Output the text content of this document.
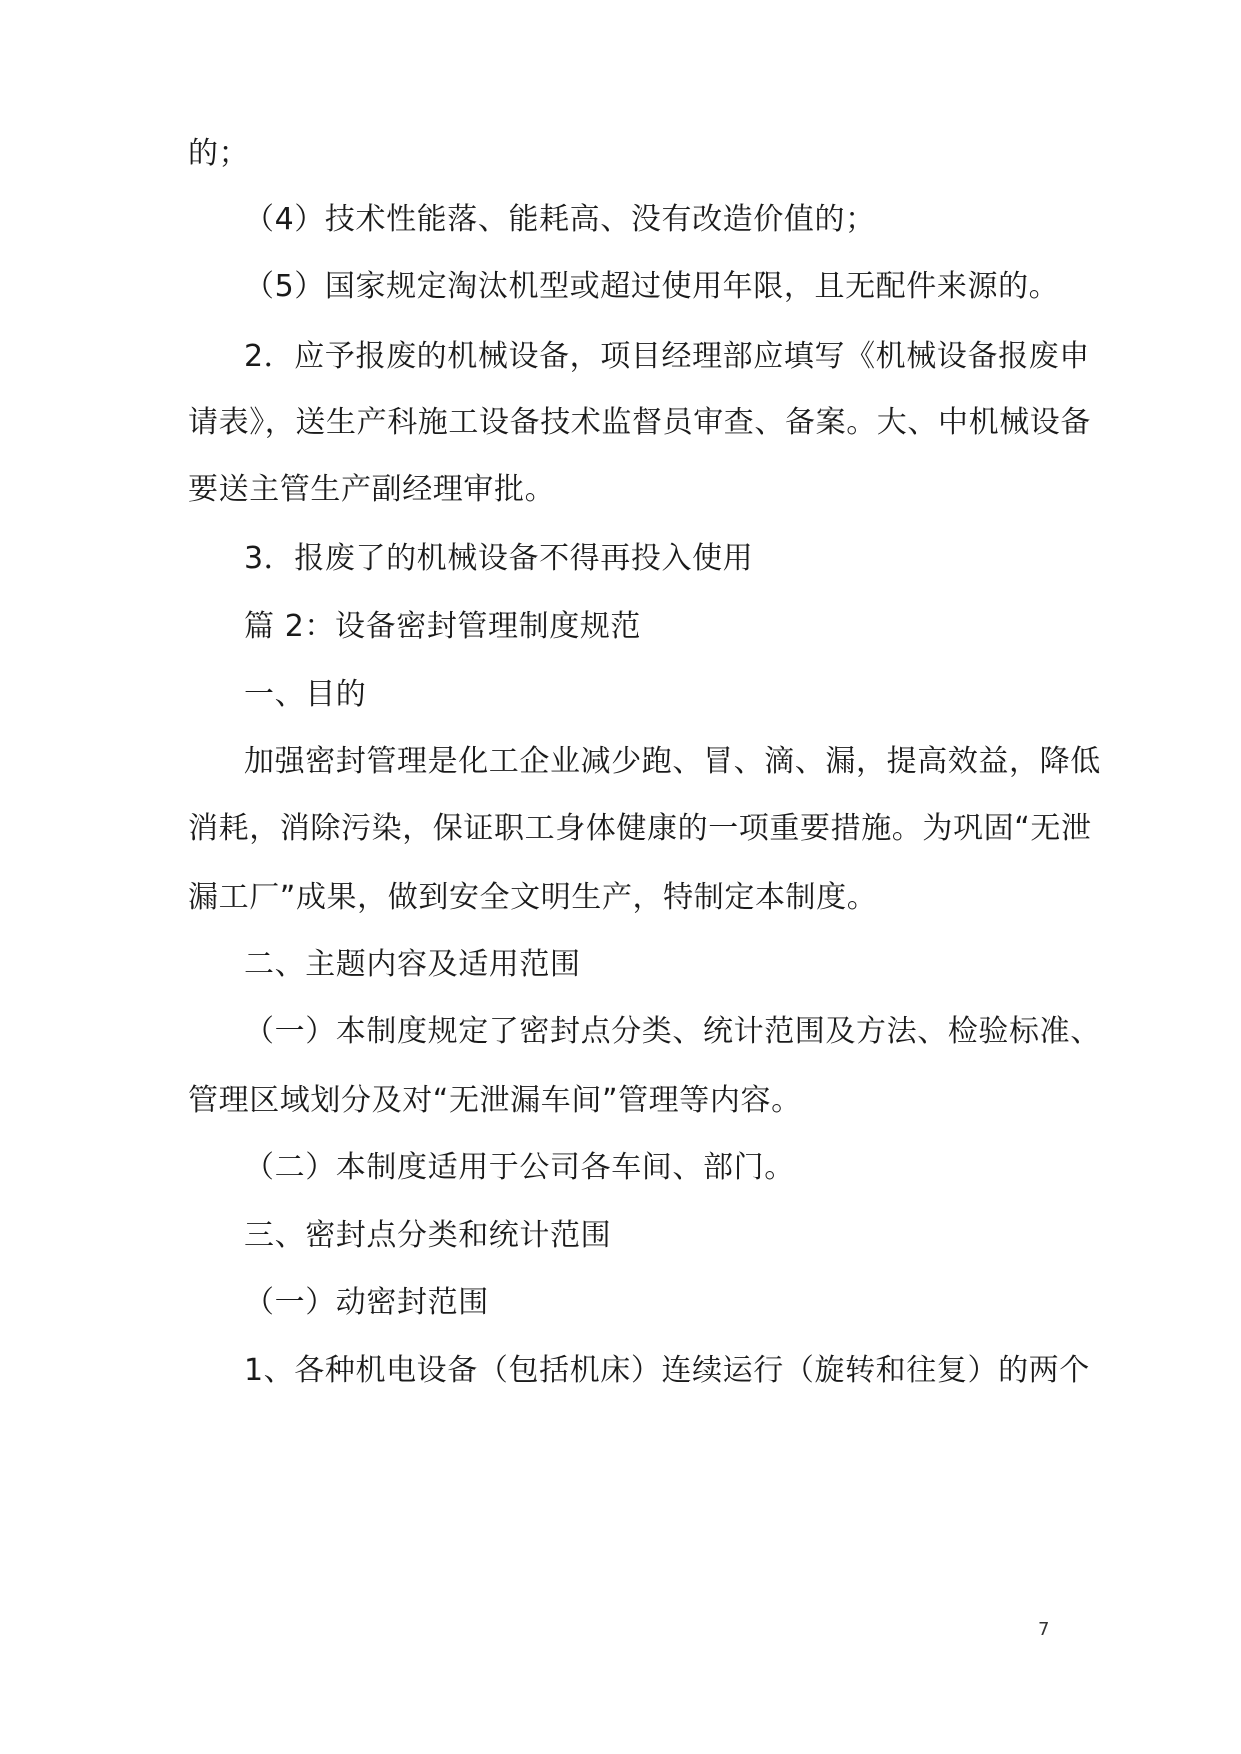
的；
（4）技术性能落、能耗高、没有改造价值的；
（5）国家规定淘汰机型或超过使用年限，且无配件来源的。
2．应予报废的机械设备，项目经理部应填写《机械设备报废申
请表》，送生产科施工设备技术监督员审查、备案。大、中机械设备
要送主管生产副经理审批。
3．报废了的机械设备不得再投入使用
篇 2：设备密封管理制度规范
一、目的
加强密封管理是化工企业减少跑、冒、滴、漏，提高效益，降低
消耗，消除污染，保证职工身体健康的一项重要措施。为巩固“无泄
漏工厂”成果，做到安全文明生产，特制定本制度。
二、主题内容及适用范围
（一）本制度规定了密封点分类、统计范围及方法、检验标准、
管理区域划分及对“无泄漏车间”管理等内容。
（二）本制度适用于公司各车间、部门。
三、密封点分类和统计范围
（一）动密封范围
1、各种机电设备（包括机床）连续运行（旋转和往复）的两个
7
